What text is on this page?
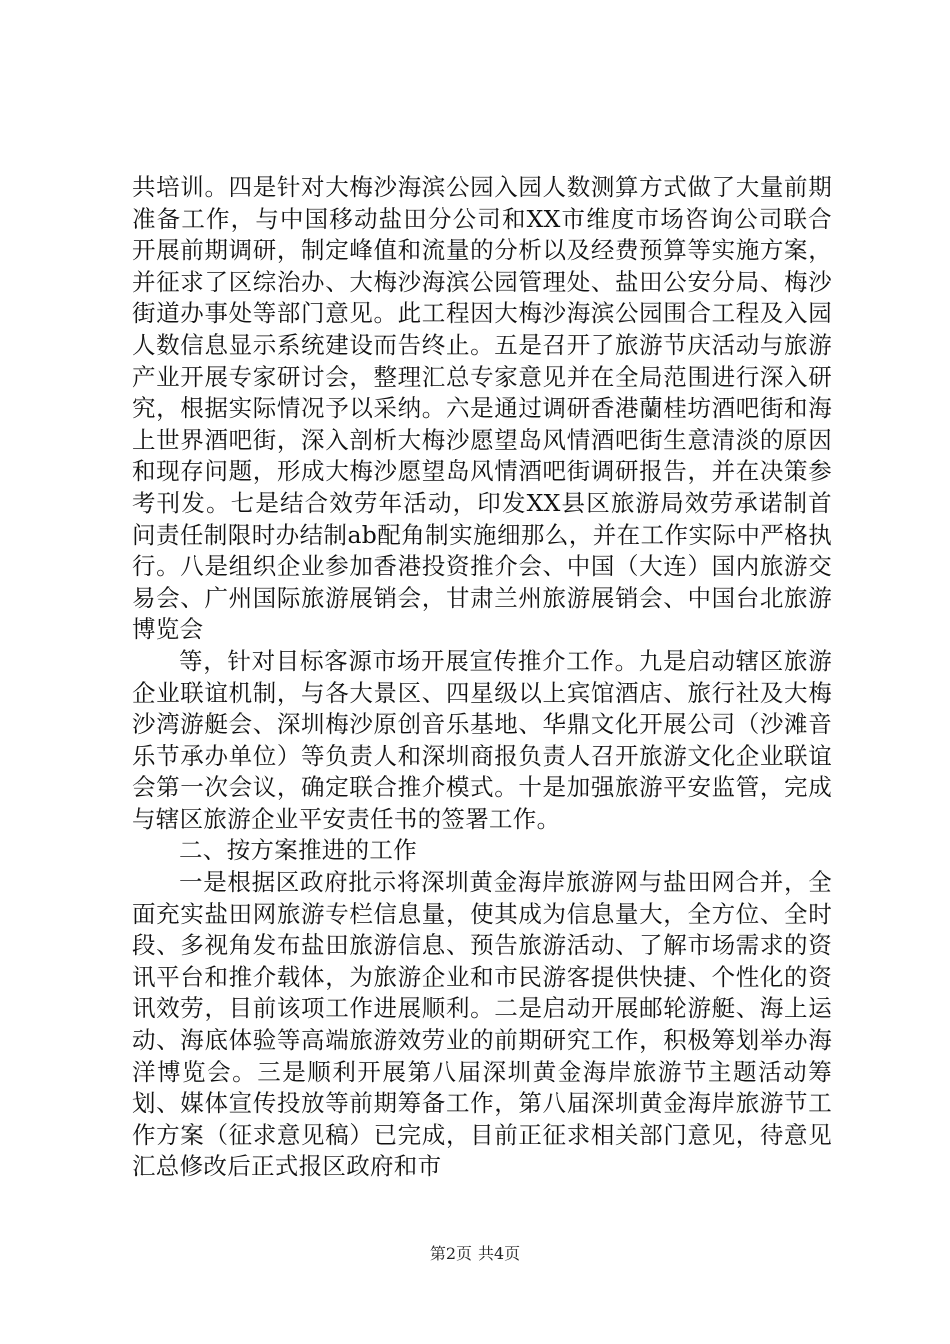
共培训。四是针对大梅沙海滨公园入园人数测算方式做了大量前期准备工作，与中国移动盐田分公司和XX市维度市场咨询公司联合开展前期调研，制定峰值和流量的分析以及经费预算等实施方案，并征求了区综治办、大梅沙海滨公园管理处、盐田公安分局、梅沙街道办事处等部门意见。此工程因大梅沙海滨公园围合工程及入园人数信息显示系统建设而告终止。五是召开了旅游节庆活动与旅游产业开展专家研讨会，整理汇总专家意见并在全局范围进行深入研究，根据实际情况予以采纳。六是通过调研香港蘭桂坊酒吧街和海上世界酒吧街，深入剖析大梅沙愿望岛风情酒吧街生意清淡的原因和现存问题，形成大梅沙愿望岛风情酒吧街调研报告，并在决策参考刊发。七是结合效劳年活动，印发XX县区旅游局效劳承诺制首问责任制限时办结制ab配角制实施细那么，并在工作实际中严格执行。八是组织企业参加香港投资推介会、中国（大连）国内旅游交易会、广州国际旅游展销会，甘肃兰州旅游展销会、中国台北旅游博览会

等，针对目标客源市场开展宣传推介工作。九是启动辖区旅游企业联谊机制，与各大景区、四星级以上宾馆酒店、旅行社及大梅沙湾游艇会、深圳梅沙原创音乐基地、华鼎文化开展公司（沙滩音乐节承办单位）等负责人和深圳商报负责人召开旅游文化企业联谊会第一次会议，确定联合推介模式。十是加强旅游平安监管，完成与辖区旅游企业平安责任书的签署工作。

二、按方案推进的工作

一是根据区政府批示将深圳黄金海岸旅游网与盐田网合并，全面充实盐田网旅游专栏信息量，使其成为信息量大，全方位、全时段、多视角发布盐田旅游信息、预告旅游活动、了解市场需求的资讯平台和推介载体，为旅游企业和市民游客提供快捷、个性化的资讯效劳，目前该项工作进展顺利。二是启动开展邮轮游艇、海上运动、海底体验等高端旅游效劳业的前期研究工作，积极筹划举办海洋博览会。三是顺利开展第八届深圳黄金海岸旅游节主题活动筹划、媒体宣传投放等前期筹备工作，第八届深圳黄金海岸旅游节工作方案（征求意见稿）已完成，目前正征求相关部门意见，待意见汇总修改后正式报区政府和市

第2页 共4页
